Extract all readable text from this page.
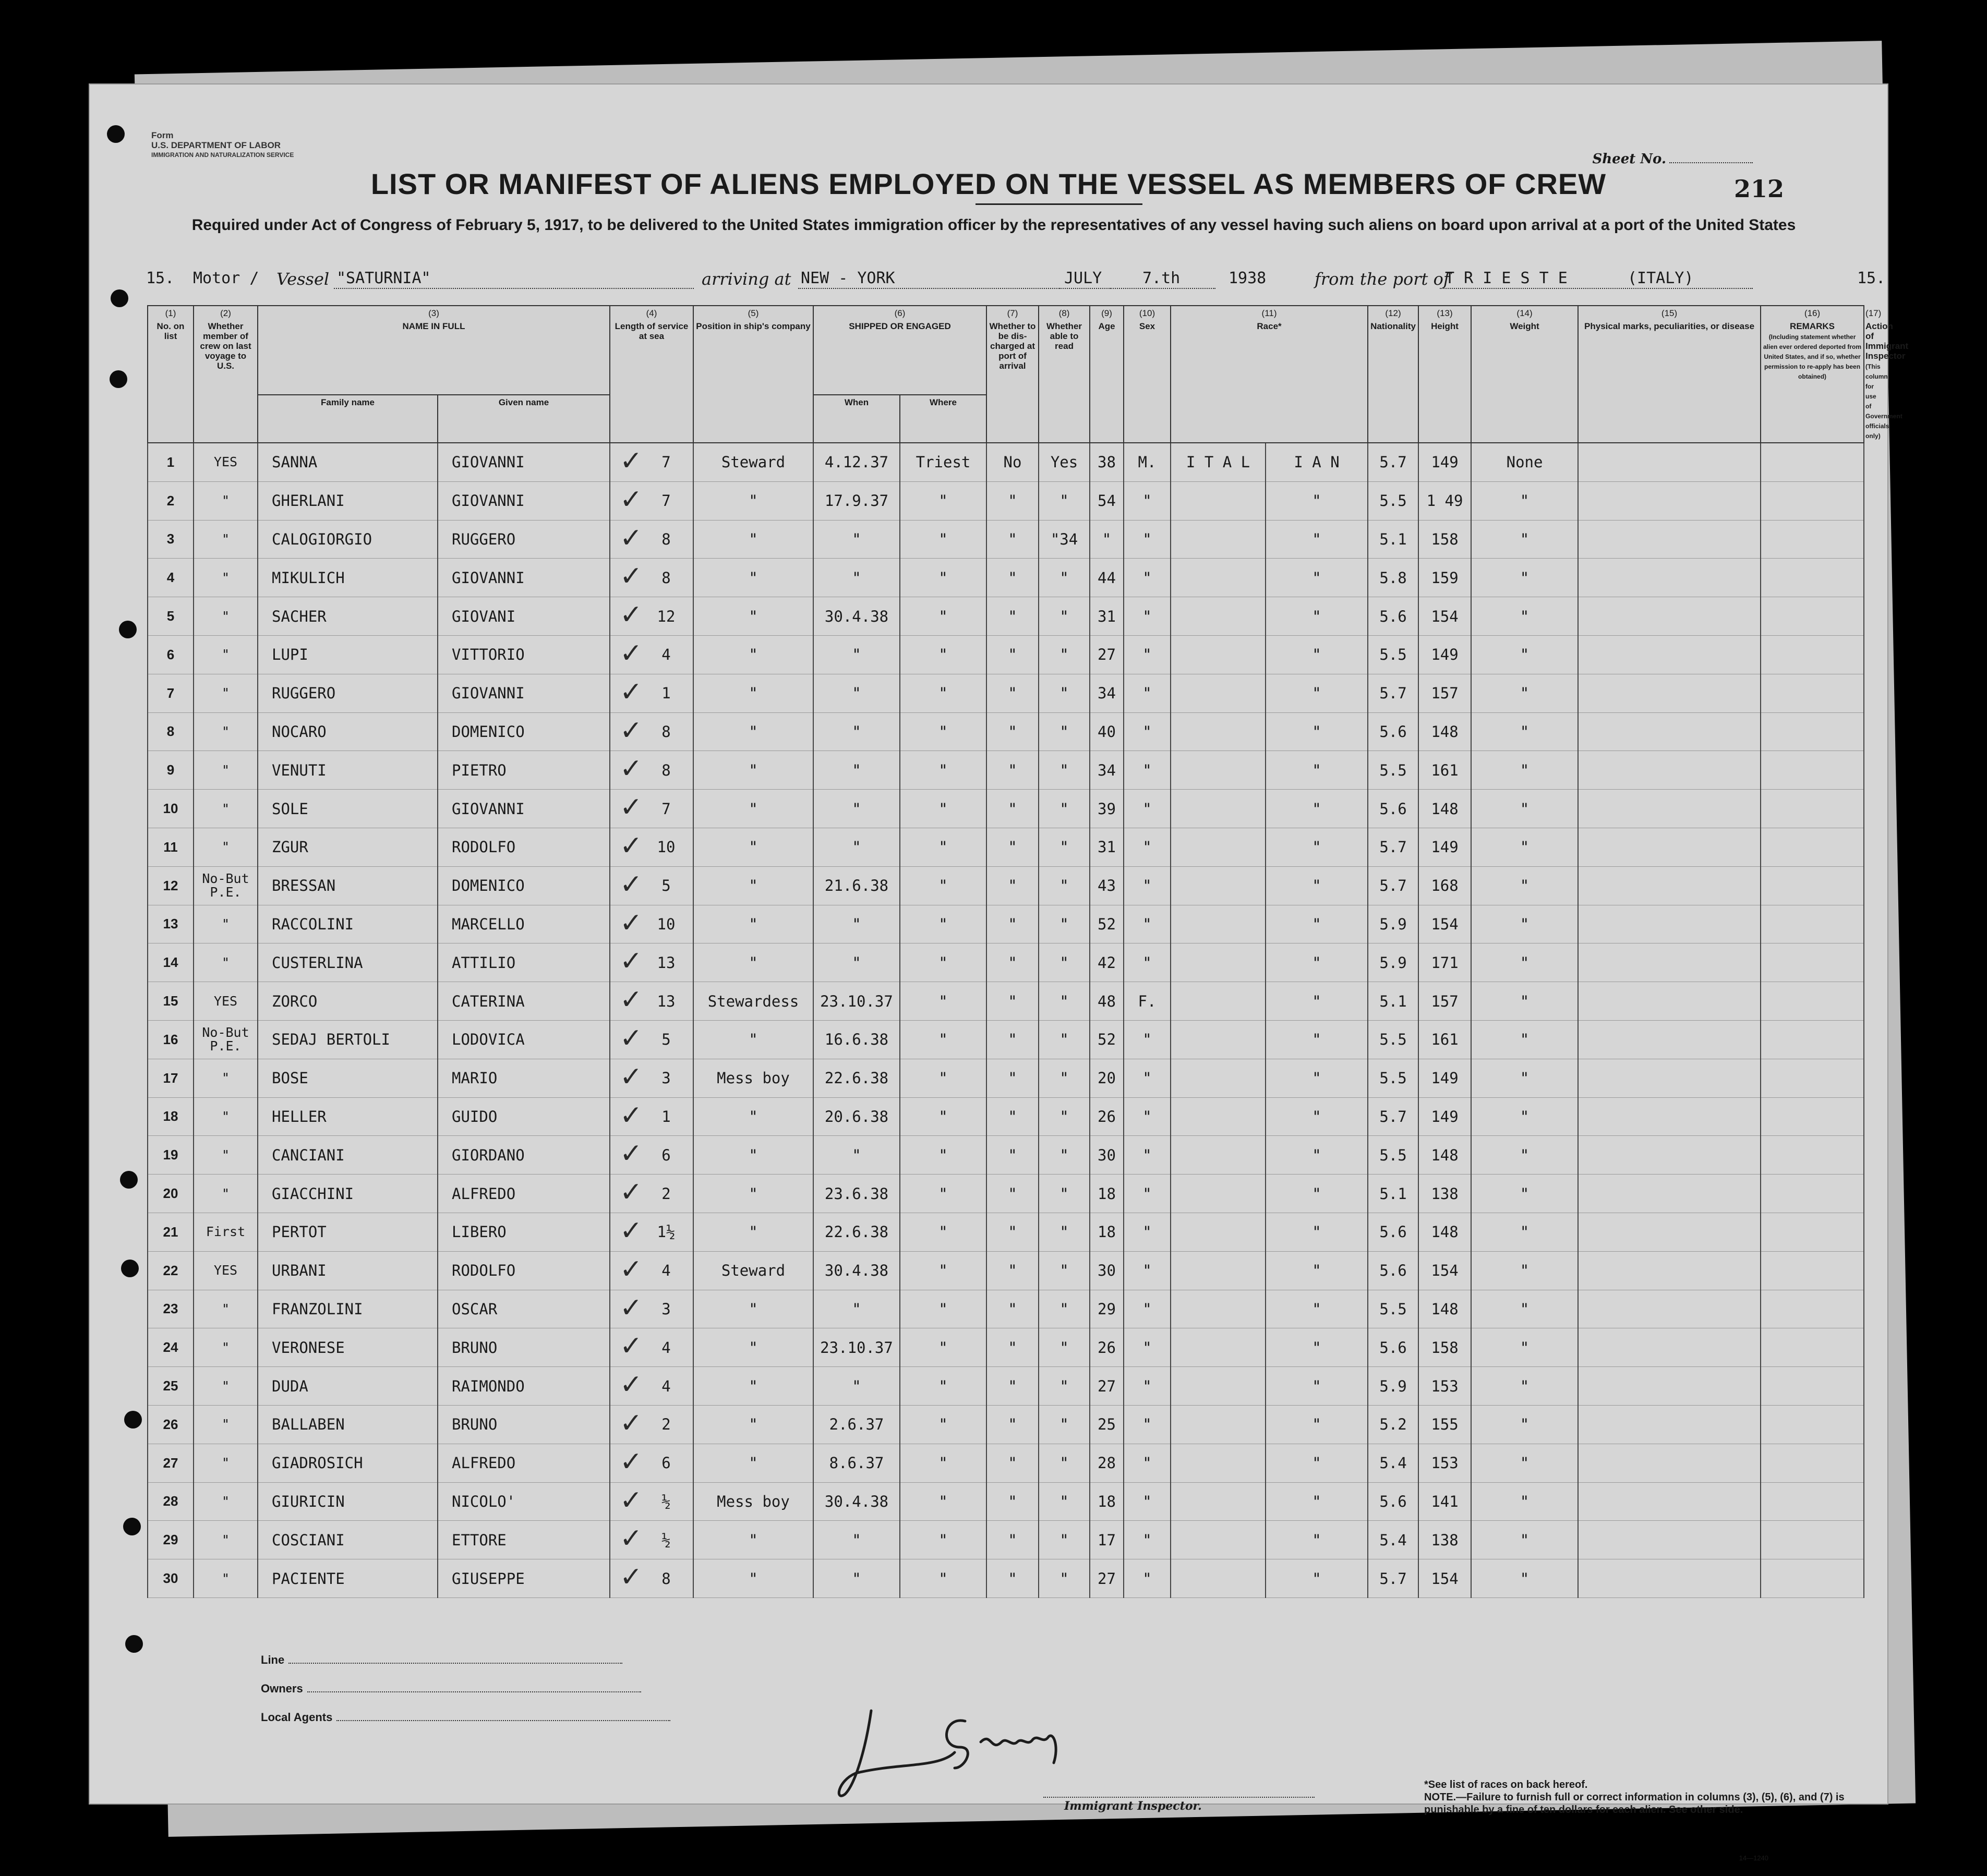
Form
U.S. DEPARTMENT OF LABOR
IMMIGRATION AND NATURALIZATION SERVICE	Sheet No.
212
LIST OR MANIFEST OF ALIENS EMPLOYED ON THE VESSEL AS MEMBERS OF CREW
Required under Act of Congress of February 5, 1917, to be delivered to the United States immigration officer by the representatives of any vessel having such aliens on board upon arrival at a port of the United States
15. Motor / Vessel "SATURNIA"	arriving at NEW - YORK	JULY	7.th	1938	from the port of
T R I E S T E	(ITALY)	15.
(1)
No. on list	(2)
Whether member of crew on last voyage to U.S.	(3)
NAME IN FULL		(4)
Length of service at sea	(5)
Position in ship's company	(6)
SHIPPED OR ENGAGED		(7)
Whether to be dis-charged at port of arrival	(8)
Whether able to read	(9)
Age	(10)
Sex	(11)
Race*		(12)
Nationality	(13)
Height	(14)
Weight	(15)
Physical marks, peculiarities, or disease	(16)
REMARKS
(Including statement whether alien ever ordered deported from United States, and if so, whether permission to re-apply has been obtained)	(17)
Action of Immigrant Inspector
(This column for use of Government officials only)
		Family name	Given name			When	Where												
1	YES	SANNA	GIOVANNI	✓ 7	Steward	4.12.37	Triest	No	Yes	38	M.	I T A L	I A N	5.7	149	None			
2	"	GHERLANI	GIOVANNI	✓ 7	"	17.9.37	"	"	"	54	"		"	5.5	1 49	"			
3	"	CALOGIORGIO	RUGGERO	✓ 8	"	"	"	"	"34	"	"		"	5.1	158	"			
4	"	MIKULICH	GIOVANNI	✓ 8	"	"	"	"	"	44	"		"	5.8	159	"			
5	"	SACHER	GIOVANI	✓ 12	"	30.4.38	"	"	"	31	"		"	5.6	154	"			
6	"	LUPI	VITTORIO	✓ 4	"	"	"	"	"	27	"		"	5.5	149	"			
7	"	RUGGERO	GIOVANNI	✓ 1	"	"	"	"	"	34	"		"	5.7	157	"			
8	"	NOCARO	DOMENICO	✓ 8	"	"	"	"	"	40	"		"	5.6	148	"			
9	"	VENUTI	PIETRO	✓ 8	"	"	"	"	"	34	"		"	5.5	161	"			
10	"	SOLE	GIOVANNI	✓ 7	"	"	"	"	"	39	"		"	5.6	148	"			
11	"	ZGUR	RODOLFO	✓ 10	"	"	"	"	"	31	"		"	5.7	149	"			
12	No-But P.E.	BRESSAN	DOMENICO	✓ 5	"	21.6.38	"	"	"	43	"		"	5.7	168	"			
13	"	RACCOLINI	MARCELLO	✓ 10	"	"	"	"	"	52	"		"	5.9	154	"			
14	"	CUSTERLINA	ATTILIO	✓ 13	"	"	"	"	"	42	"		"	5.9	171	"			
15	YES	ZORCO	CATERINA	✓ 13	Stewardess	23.10.37	"	"	"	48	F.		"	5.1	157	"			
16	No-But P.E.	SEDAJ BERTOLI	LODOVICA	✓ 5	"	16.6.38	"	"	"	52	"		"	5.5	161	"			
17	"	BOSE	MARIO	✓ 3	Mess boy	22.6.38	"	"	"	20	"		"	5.5	149	"			
18	"	HELLER	GUIDO	✓ 1	"	20.6.38	"	"	"	26	"		"	5.7	149	"			
19	"	CANCIANI	GIORDANO	✓ 6	"	"	"	"	"	30	"		"	5.5	148	"			
20	"	GIACCHINI	ALFREDO	✓ 2	"	23.6.38	"	"	"	18	"		"	5.1	138	"			
21	First	PERTOT	LIBERO	✓ 1½	"	22.6.38	"	"	"	18	"		"	5.6	148	"			
22	YES	URBANI	RODOLFO	✓ 4	Steward	30.4.38	"	"	"	30	"		"	5.6	154	"			
23	"	FRANZOLINI	OSCAR	✓ 3	"	"	"	"	"	29	"		"	5.5	148	"			
24	"	VERONESE	BRUNO	✓ 4	"	23.10.37	"	"	"	26	"		"	5.6	158	"			
25	"	DUDA	RAIMONDO	✓ 4	"	"	"	"	"	27	"		"	5.9	153	"			
26	"	BALLABEN	BRUNO	✓ 2	"	2.6.37	"	"	"	25	"		"	5.2	155	"			
27	"	GIADROSICH	ALFREDO	✓ 6	"	8.6.37	"	"	"	28	"		"	5.4	153	"			
28	"	GIURICIN	NICOLO'	✓ ½	Mess boy	30.4.38	"	"	"	18	"		"	5.6	141	"			
29	"	COSCIANI	ETTORE	✓ ½	"	"	"	"	"	17	"		"	5.4	138	"			
30	"	PACIENTE	GIUSEPPE	✓ 8	"	"	"	"	"	27	"		"	5.7	154	"			
Line
Owners
Local Agents
Immigrant Inspector.
*See list of races on back hereof.
NOTE.—Failure to furnish full or correct information in columns (3), (5), (6), and (7) is punishable by a fine of ten dollars for each alien. See other side.
14—1240
